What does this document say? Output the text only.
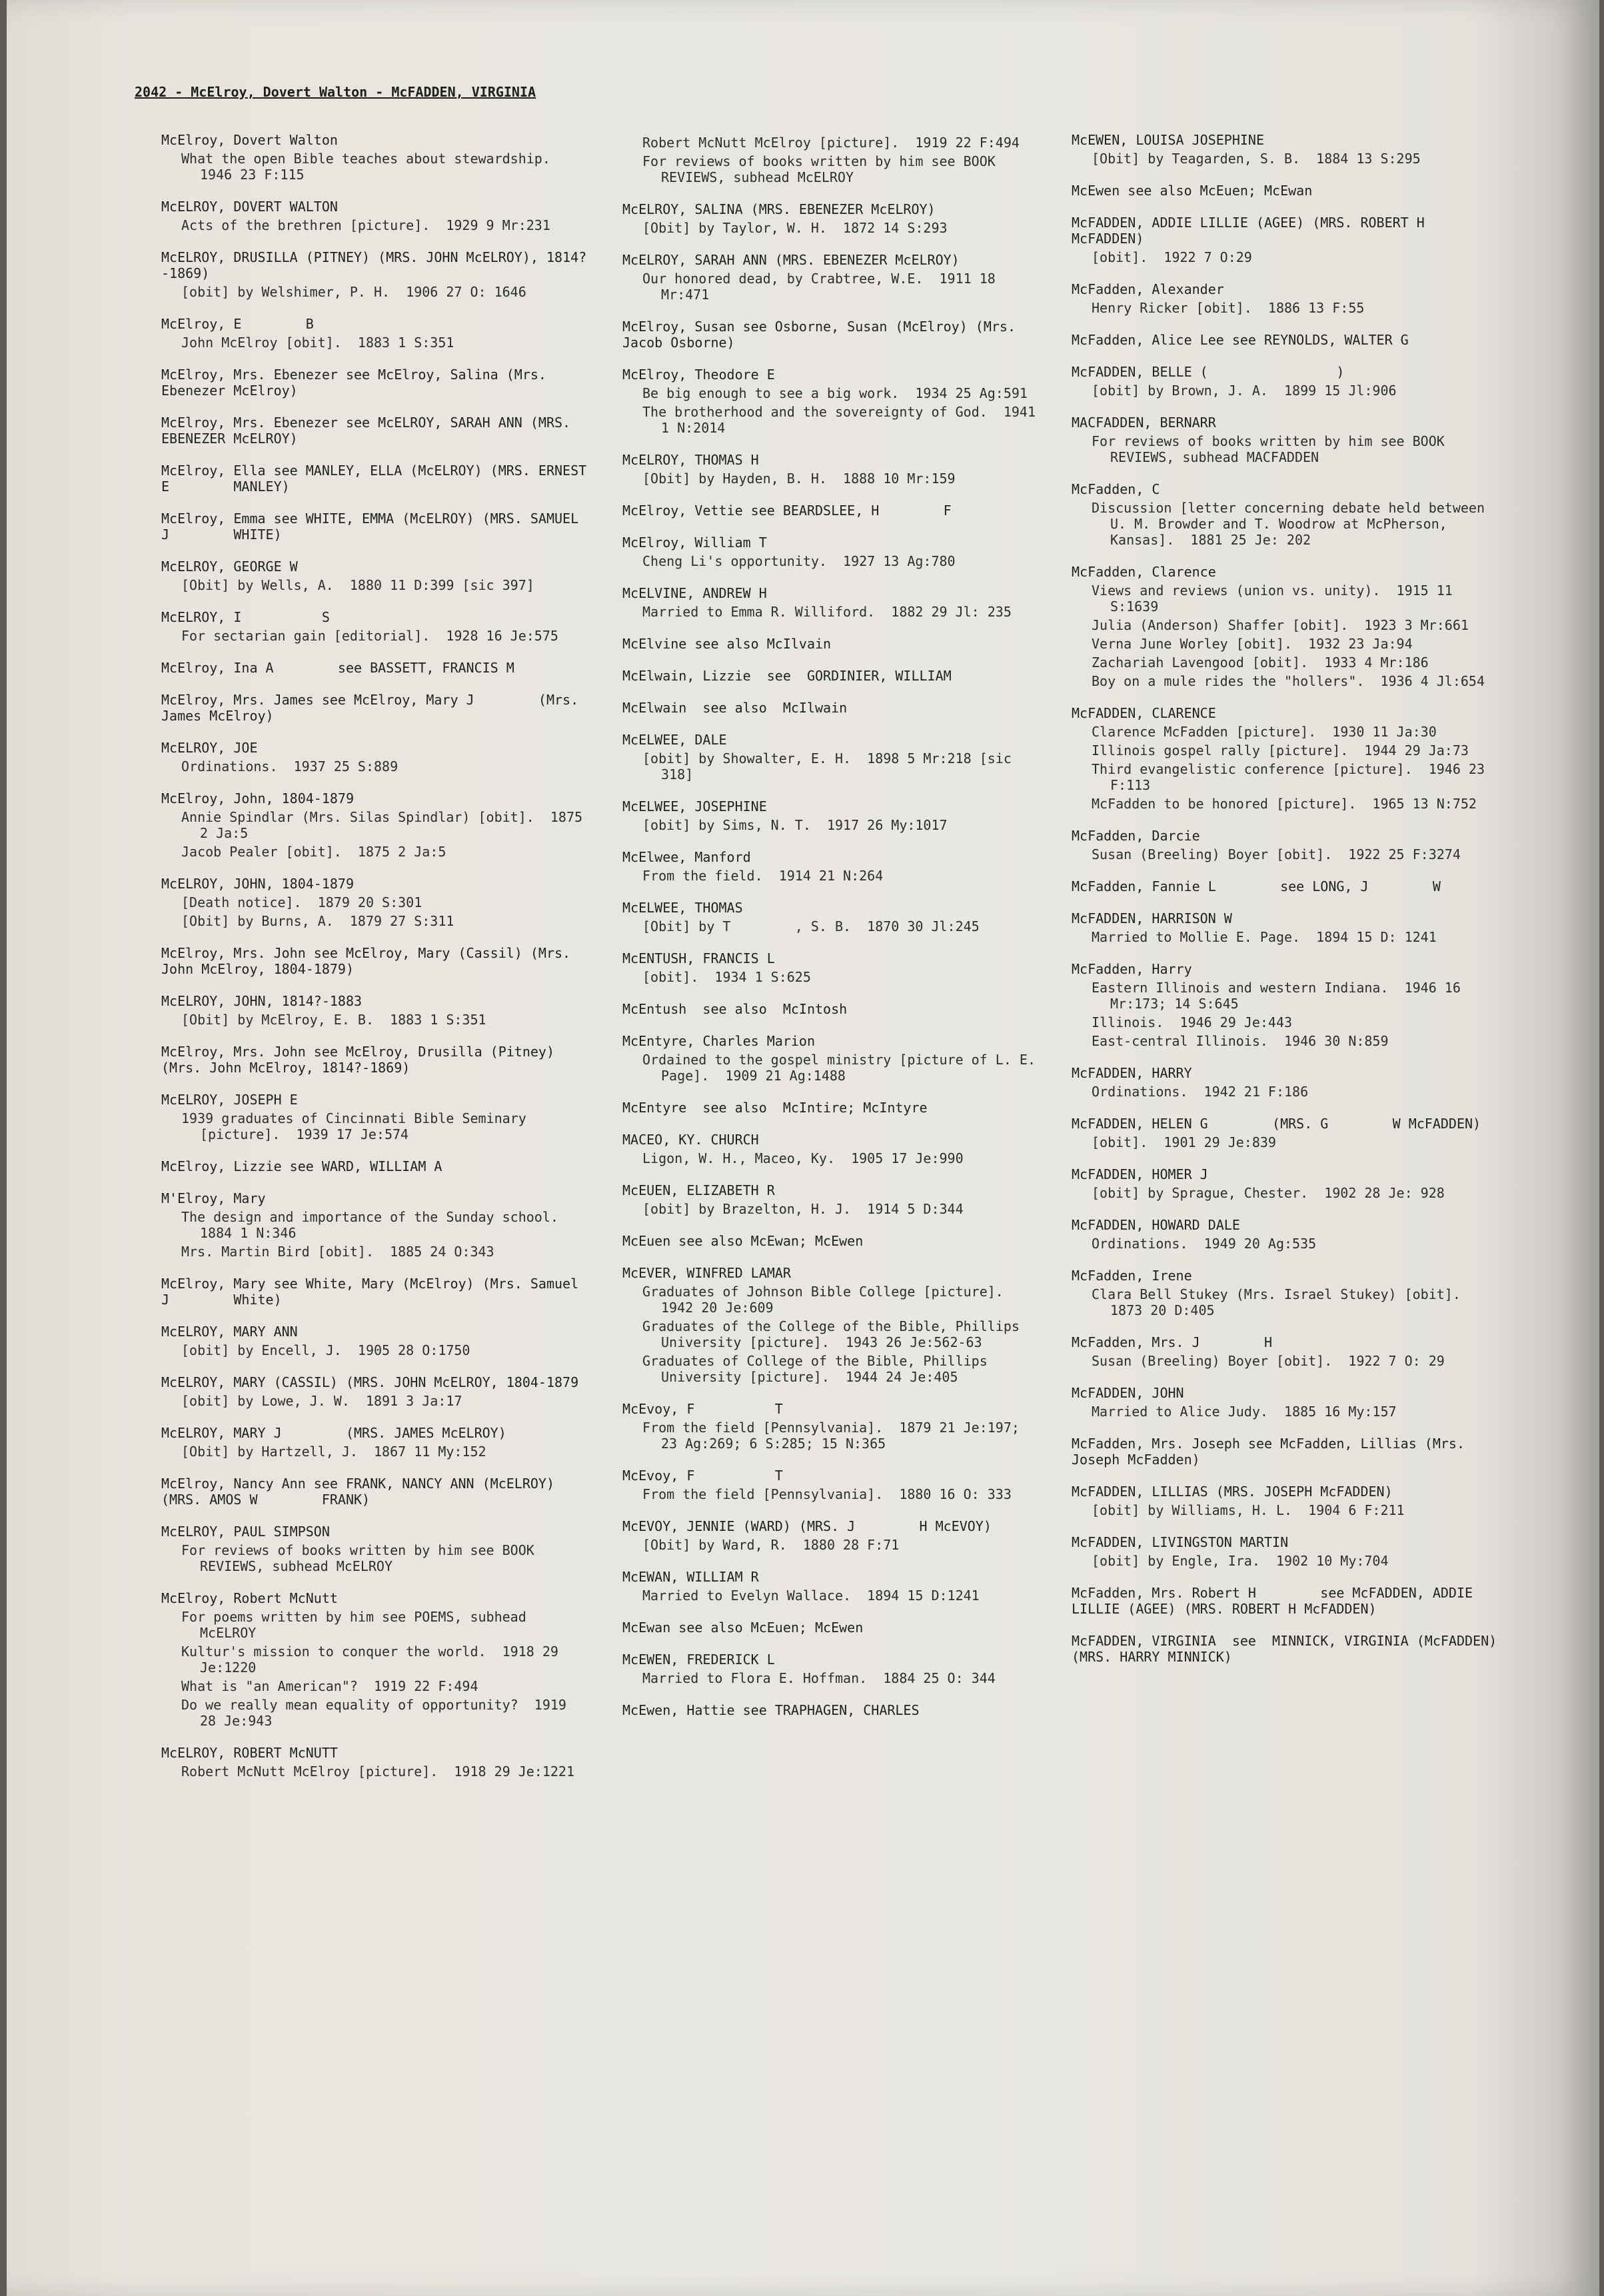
2042 - McElroy, Dovert Walton - McFADDEN, VIRGINIA
McElroy, Dovert Walton
What the open Bible teaches about stewardship.  1946 23 F:115
McELROY, DOVERT WALTON
Acts of the brethren [picture].  1929 9 Mr:231
McELROY, DRUSILLA (PITNEY) (MRS. JOHN McELROY), 1814?-1869)
[obit] by Welshimer, P. H.  1906 27 O: 1646
McElroy, E        B
John McElroy [obit].  1883 1 S:351
McElroy, Mrs. Ebenezer see McElroy, Salina (Mrs. Ebenezer McElroy)
McElroy, Mrs. Ebenezer see McELROY, SARAH ANN (MRS. EBENEZER McELROY)
McElroy, Ella see MANLEY, ELLA (McELROY) (MRS. ERNEST E        MANLEY)
McElroy, Emma see WHITE, EMMA (McELROY) (MRS. SAMUEL J        WHITE)
McELROY, GEORGE W
[Obit] by Wells, A.  1880 11 D:399 [sic 397]
McELROY, I          S
For sectarian gain [editorial].  1928 16 Je:575
McElroy, Ina A        see BASSETT, FRANCIS M
McElroy, Mrs. James see McElroy, Mary J        (Mrs. James McElroy)
McELROY, JOE
Ordinations.  1937 25 S:889
McElroy, John, 1804-1879
Annie Spindlar (Mrs. Silas Spindlar) [obit].  1875 2 Ja:5
Jacob Pealer [obit].  1875 2 Ja:5
McELROY, JOHN, 1804-1879
[Death notice].  1879 20 S:301
[Obit] by Burns, A.  1879 27 S:311
McElroy, Mrs. John see McElroy, Mary (Cassil) (Mrs. John McElroy, 1804-1879)
McELROY, JOHN, 1814?-1883
[Obit] by McElroy, E. B.  1883 1 S:351
McElroy, Mrs. John see McElroy, Drusilla (Pitney) (Mrs. John McElroy, 1814?-1869)
McELROY, JOSEPH E
1939 graduates of Cincinnati Bible Seminary [picture].  1939 17 Je:574
McElroy, Lizzie see WARD, WILLIAM A
M'Elroy, Mary
The design and importance of the Sunday school.  1884 1 N:346
Mrs. Martin Bird [obit].  1885 24 O:343
McElroy, Mary see White, Mary (McElroy) (Mrs. Samuel J        White)
McELROY, MARY ANN
[obit] by Encell, J.  1905 28 O:1750
McELROY, MARY (CASSIL) (MRS. JOHN McELROY, 1804-1879
[obit] by Lowe, J. W.  1891 3 Ja:17
McELROY, MARY J        (MRS. JAMES McELROY)
[Obit] by Hartzell, J.  1867 11 My:152
McElroy, Nancy Ann see FRANK, NANCY ANN (McELROY) (MRS. AMOS W        FRANK)
McELROY, PAUL SIMPSON
For reviews of books written by him see BOOK REVIEWS, subhead McELROY
McElroy, Robert McNutt
For poems written by him see POEMS, subhead McELROY
Kultur's mission to conquer the world.  1918 29 Je:1220
What is "an American"?  1919 22 F:494
Do we really mean equality of opportunity?  1919 28 Je:943
McELROY, ROBERT McNUTT
Robert McNutt McElroy [picture].  1918 29 Je:1221
Robert McNutt McElroy [picture].  1919 22 F:494
For reviews of books written by him see BOOK REVIEWS, subhead McELROY
McELROY, SALINA (MRS. EBENEZER McELROY)
[Obit] by Taylor, W. H.  1872 14 S:293
McELROY, SARAH ANN (MRS. EBENEZER McELROY)
Our honored dead, by Crabtree, W.E.  1911 18 Mr:471
McElroy, Susan see Osborne, Susan (McElroy) (Mrs. Jacob Osborne)
McElroy, Theodore E
Be big enough to see a big work.  1934 25 Ag:591
The brotherhood and the sovereignty of God.  1941 1 N:2014
McELROY, THOMAS H
[Obit] by Hayden, B. H.  1888 10 Mr:159
McElroy, Vettie see BEARDSLEE, H        F
McElroy, William T
Cheng Li's opportunity.  1927 13 Ag:780
McELVINE, ANDREW H
Married to Emma R. Williford.  1882 29 Jl: 235
McElvine see also McIlvain
McElwain, Lizzie  see  GORDINIER, WILLIAM
McElwain  see also  McIlwain
McELWEE, DALE
[obit] by Showalter, E. H.  1898 5 Mr:218 [sic 318]
McELWEE, JOSEPHINE
[obit] by Sims, N. T.  1917 26 My:1017
McElwee, Manford
From the field.  1914 21 N:264
McELWEE, THOMAS
[Obit] by T        , S. B.  1870 30 Jl:245
McENTUSH, FRANCIS L
[obit].  1934 1 S:625
McEntush  see also  McIntosh
McEntyre, Charles Marion
Ordained to the gospel ministry [picture of L. E. Page].  1909 21 Ag:1488
McEntyre  see also  McIntire; McIntyre
MACEO, KY. CHURCH
Ligon, W. H., Maceo, Ky.  1905 17 Je:990
McEUEN, ELIZABETH R
[obit] by Brazelton, H. J.  1914 5 D:344
McEuen see also McEwan; McEwen
McEVER, WINFRED LAMAR
Graduates of Johnson Bible College [picture].  1942 20 Je:609
Graduates of the College of the Bible, Phillips University [picture].  1943 26 Je:562-63
Graduates of College of the Bible, Phillips University [picture].  1944 24 Je:405
McEvoy, F          T
From the field [Pennsylvania].  1879 21 Je:197; 23 Ag:269; 6 S:285; 15 N:365
McEvoy, F          T
From the field [Pennsylvania].  1880 16 O: 333
McEVOY, JENNIE (WARD) (MRS. J        H McEVOY)
[Obit] by Ward, R.  1880 28 F:71
McEWAN, WILLIAM R
Married to Evelyn Wallace.  1894 15 D:1241
McEwan see also McEuen; McEwen
McEWEN, FREDERICK L
Married to Flora E. Hoffman.  1884 25 O: 344
McEwen, Hattie see TRAPHAGEN, CHARLES
McEWEN, LOUISA JOSEPHINE
[Obit] by Teagarden, S. B.  1884 13 S:295
McEwen see also McEuen; McEwan
McFADDEN, ADDIE LILLIE (AGEE) (MRS. ROBERT H        McFADDEN)
[obit].  1922 7 O:29
McFadden, Alexander
Henry Ricker [obit].  1886 13 F:55
McFadden, Alice Lee see REYNOLDS, WALTER G
McFADDEN, BELLE (                )
[obit] by Brown, J. A.  1899 15 Jl:906
MACFADDEN, BERNARR
For reviews of books written by him see BOOK REVIEWS, subhead MACFADDEN
McFadden, C
Discussion [letter concerning debate held between U. M. Browder and T. Woodrow at McPherson, Kansas].  1881 25 Je: 202
McFadden, Clarence
Views and reviews (union vs. unity).  1915 11 S:1639
Julia (Anderson) Shaffer [obit].  1923 3 Mr:661
Verna June Worley [obit].  1932 23 Ja:94
Zachariah Lavengood [obit].  1933 4 Mr:186
Boy on a mule rides the "hollers".  1936 4 Jl:654
McFADDEN, CLARENCE
Clarence McFadden [picture].  1930 11 Ja:30
Illinois gospel rally [picture].  1944 29 Ja:73
Third evangelistic conference [picture].  1946 23 F:113
McFadden to be honored [picture].  1965 13 N:752
McFadden, Darcie
Susan (Breeling) Boyer [obit].  1922 25 F:3274
McFadden, Fannie L        see LONG, J        W
McFADDEN, HARRISON W
Married to Mollie E. Page.  1894 15 D: 1241
McFadden, Harry
Eastern Illinois and western Indiana.  1946 16 Mr:173; 14 S:645
Illinois.  1946 29 Je:443
East-central Illinois.  1946 30 N:859
McFADDEN, HARRY
Ordinations.  1942 21 F:186
McFADDEN, HELEN G        (MRS. G        W McFADDEN)
[obit].  1901 29 Je:839
McFADDEN, HOMER J
[obit] by Sprague, Chester.  1902 28 Je: 928
McFADDEN, HOWARD DALE
Ordinations.  1949 20 Ag:535
McFadden, Irene
Clara Bell Stukey (Mrs. Israel Stukey) [obit].  1873 20 D:405
McFadden, Mrs. J        H
Susan (Breeling) Boyer [obit].  1922 7 O: 29
McFADDEN, JOHN
Married to Alice Judy.  1885 16 My:157
McFadden, Mrs. Joseph see McFadden, Lillias (Mrs. Joseph McFadden)
McFADDEN, LILLIAS (MRS. JOSEPH McFADDEN)
[obit] by Williams, H. L.  1904 6 F:211
McFADDEN, LIVINGSTON MARTIN
[obit] by Engle, Ira.  1902 10 My:704
McFadden, Mrs. Robert H        see McFADDEN, ADDIE LILLIE (AGEE) (MRS. ROBERT H McFADDEN)
McFADDEN, VIRGINIA  see  MINNICK, VIRGINIA (McFADDEN) (MRS. HARRY MINNICK)
